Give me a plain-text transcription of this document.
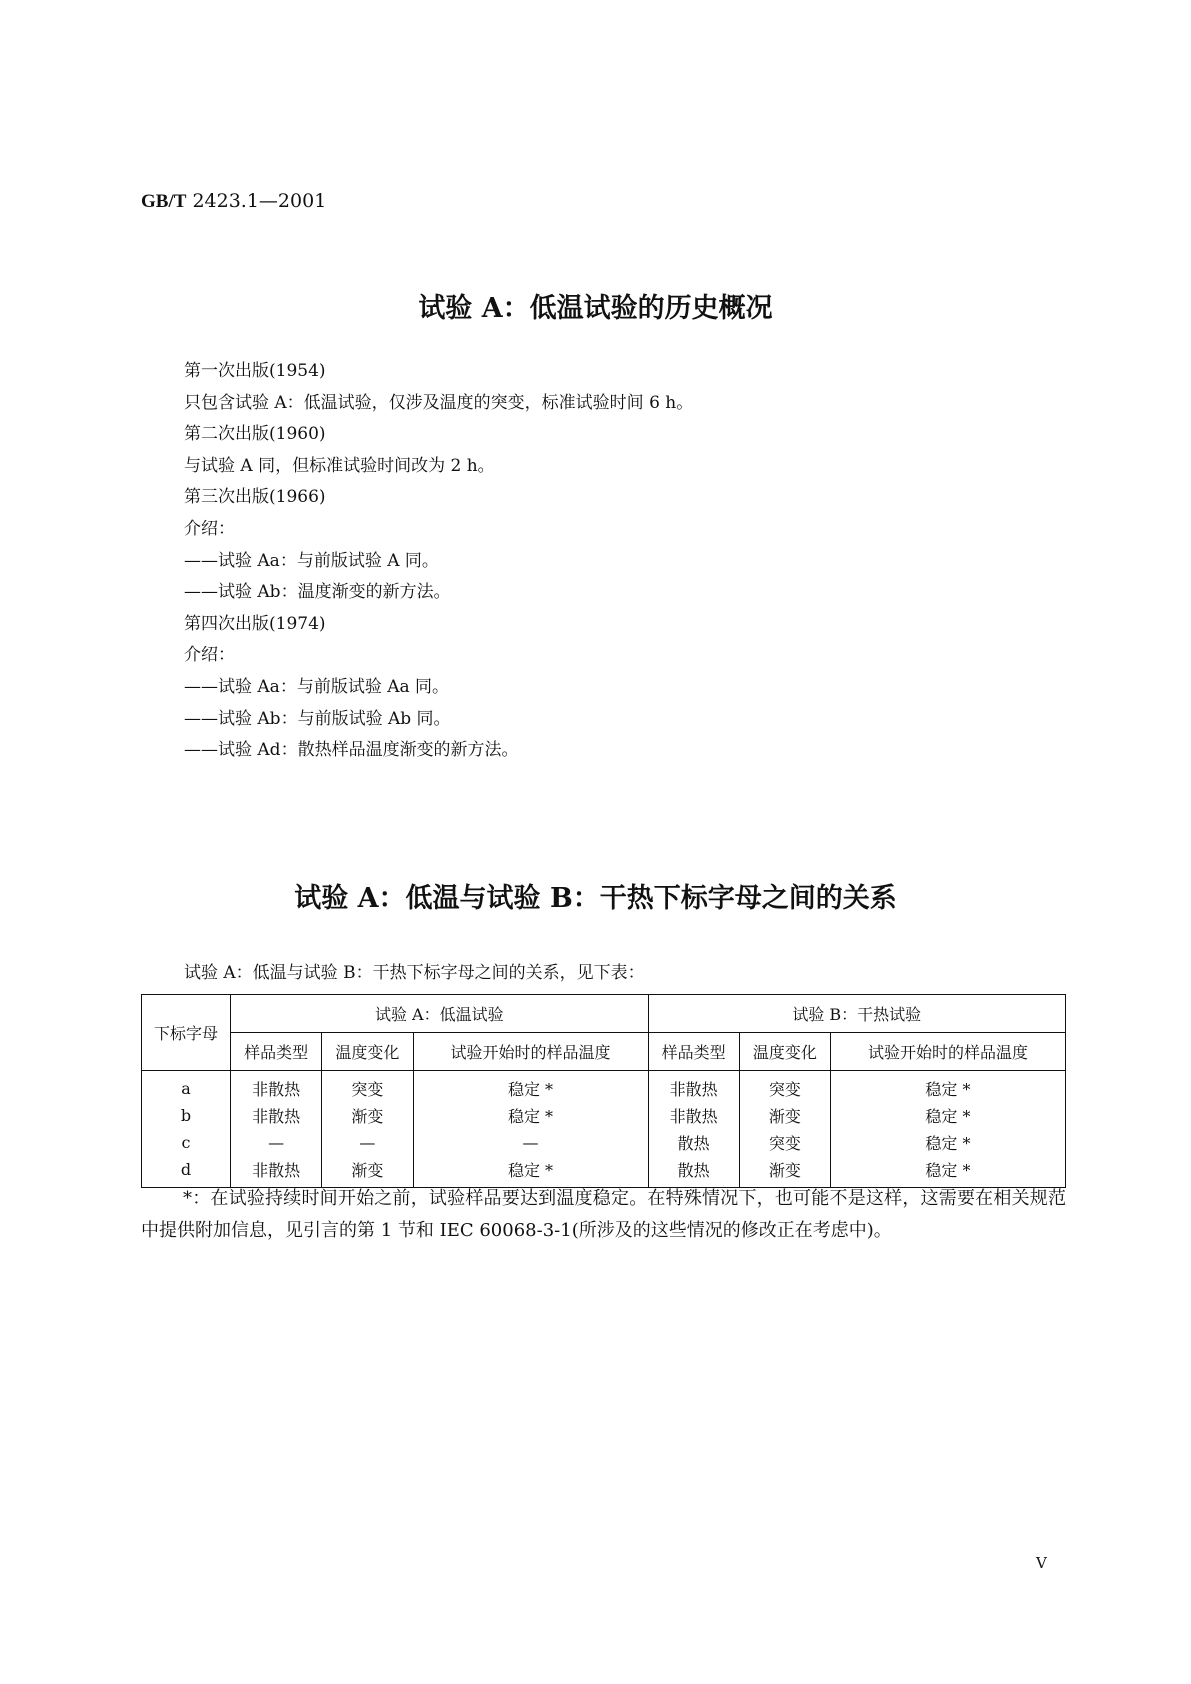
GB/T 2423.1—2001
试验 A：低温试验的历史概况
第一次出版(1954)
只包含试验 A：低温试验，仅涉及温度的突变，标准试验时间 6 h。
第二次出版(1960)
与试验 A 同，但标准试验时间改为 2 h。
第三次出版(1966)
介绍：
——试验 Aa：与前版试验 A 同。
——试验 Ab：温度渐变的新方法。
第四次出版(1974)
介绍：
——试验 Aa：与前版试验 Aa 同。
——试验 Ab：与前版试验 Ab 同。
——试验 Ad：散热样品温度渐变的新方法。
试验 A：低温与试验 B：干热下标字母之间的关系
试验 A：低温与试验 B：干热下标字母之间的关系，见下表：
下标字母	试验 A：低温试验			试验 B：干热试验		
	样品类型	温度变化	试验开始时的样品温度	样品类型	温度变化	试验开始时的样品温度
a	非散热	突变	稳定 *	非散热	突变	稳定 *
b	非散热	渐变	稳定 *	非散热	渐变	稳定 *
c	—	—	—	散热	突变	稳定 *
d	非散热	渐变	稳定 *	散热	渐变	稳定 *
*：在试验持续时间开始之前，试验样品要达到温度稳定。在特殊情况下，也可能不是这样，这需要在相关规范中提供附加信息，见引言的第 1 节和 IEC 60068-3-1(所涉及的这些情况的修改正在考虑中)。
V
